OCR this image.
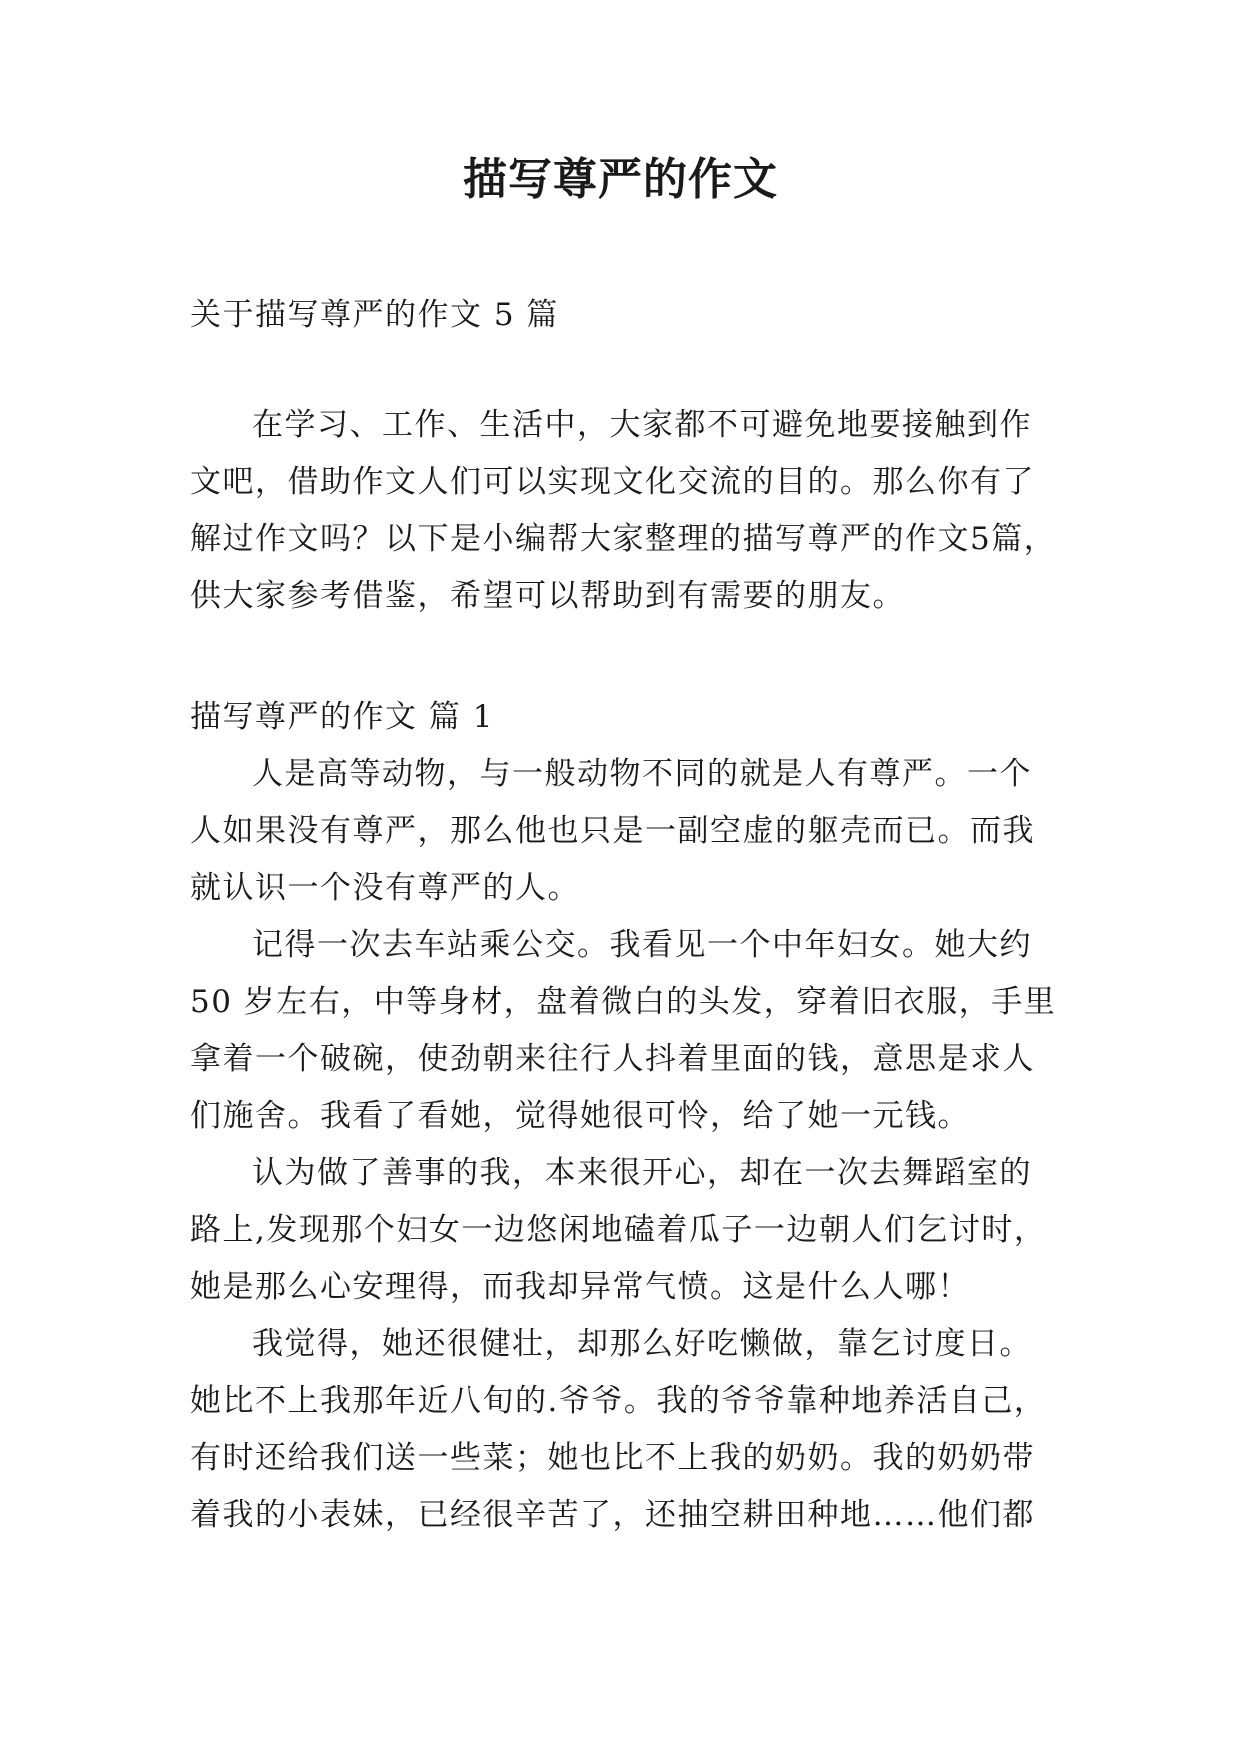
描写尊严的作文

关于描写尊严的作文 5 篇

在学习、工作、生活中，大家都不可避免地要接触到作文吧，借助作文人们可以实现文化交流的目的。那么你有了解过作文吗？以下是小编帮大家整理的描写尊严的作文5篇，供大家参考借鉴，希望可以帮助到有需要的朋友。

描写尊严的作文 篇 1

人是高等动物，与一般动物不同的就是人有尊严。一个人如果没有尊严，那么他也只是一副空虚的躯壳而已。而我就认识一个没有尊严的人。

记得一次去车站乘公交。我看见一个中年妇女。她大约 50 岁左右，中等身材，盘着微白的头发，穿着旧衣服，手里拿着一个破碗，使劲朝来往行人抖着里面的钱，意思是求人们施舍。我看了看她，觉得她很可怜，给了她一元钱。

认为做了善事的我，本来很开心，却在一次去舞蹈室的路上,发现那个妇女一边悠闲地磕着瓜子一边朝人们乞讨时，她是那么心安理得，而我却异常气愤。这是什么人哪！

我觉得，她还很健壮，却那么好吃懒做，靠乞讨度日。她比不上我那年近八旬的.爷爷。我的爷爷靠种地养活自己，有时还给我们送一些菜；她也比不上我的奶奶。我的奶奶带着我的小表妹，已经很辛苦了，还抽空耕田种地……他们都
